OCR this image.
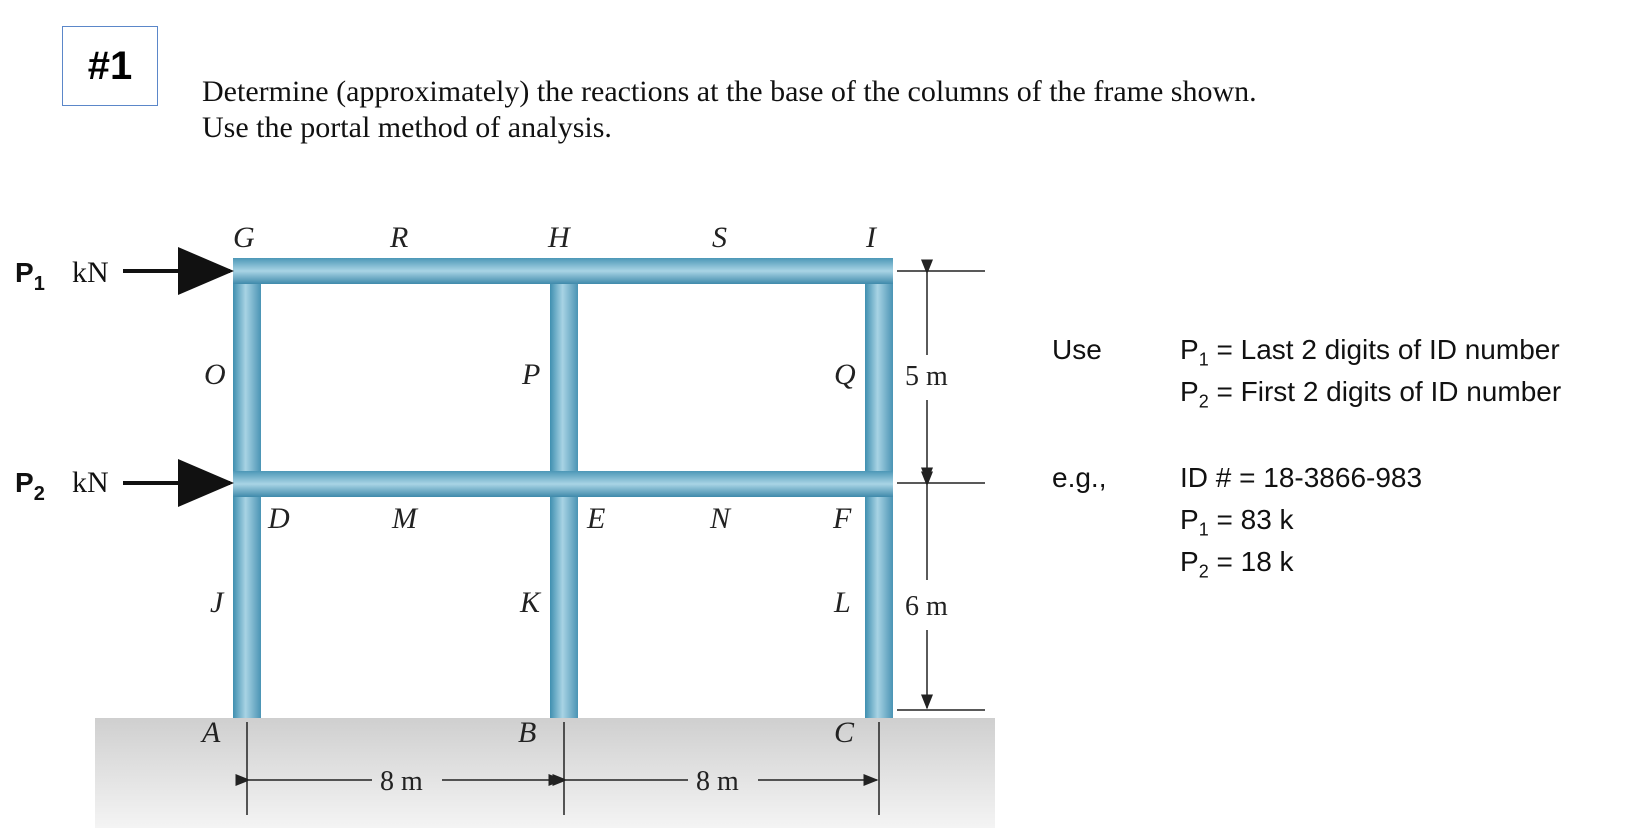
#1
Determine (approximately) the reactions at the base of the columns of the frame shown.
Use the portal method of analysis.
$P_1$ kN
$P_2$ kN
G	R	H	S	I
O	P	Q
D	M	E	N	F
J	K	L
A	B	C
5 m
6 m
8 m	8 m
Use	$P_1$ = Last 2 digits of ID number
$P_2$ = First 2 digits of ID number
e.g.,	ID # = 18-3866-983
$P_1 = 83$ k
$P_2 = 18$ k
